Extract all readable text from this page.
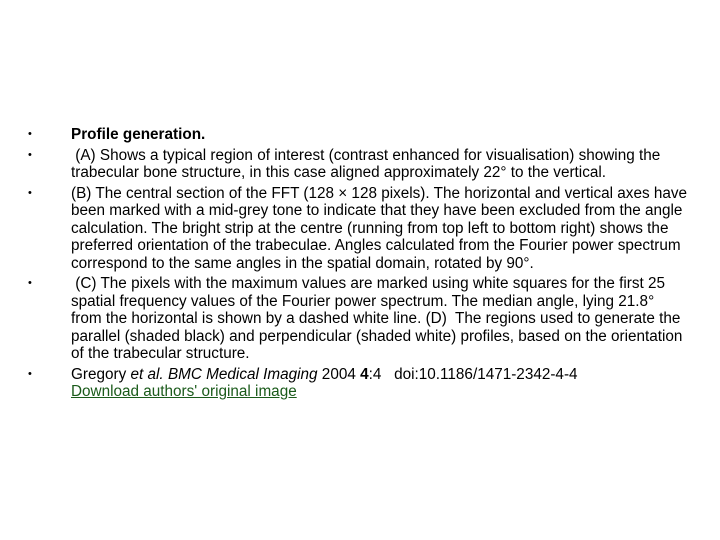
•	Profile generation.
•	(A) Shows a typical region of interest (contrast enhanced for visualisation) showing the trabecular bone structure, in this case aligned approximately 22° to the vertical.
•	(B) The central section of the FFT (128 × 128 pixels). The horizontal and vertical axes have been marked with a mid-grey tone to indicate that they have been excluded from the angle calculation. The bright strip at the centre (running from top left to bottom right) shows the preferred orientation of the trabeculae. Angles calculated from the Fourier power spectrum correspond to the same angles in the spatial domain, rotated by 90°.
•	(C) The pixels with the maximum values are marked using white squares for the first 25 spatial frequency values of the Fourier power spectrum. The median angle, lying 21.8° from the horizontal is shown by a dashed white line. (D)  The regions used to generate the parallel (shaded black) and perpendicular (shaded white) profiles, based on the orientation of the trabecular structure.
•	Gregory et al. BMC Medical Imaging 2004 4:4   doi:10.1186/1471-2342-4-4
Download authors' original image
